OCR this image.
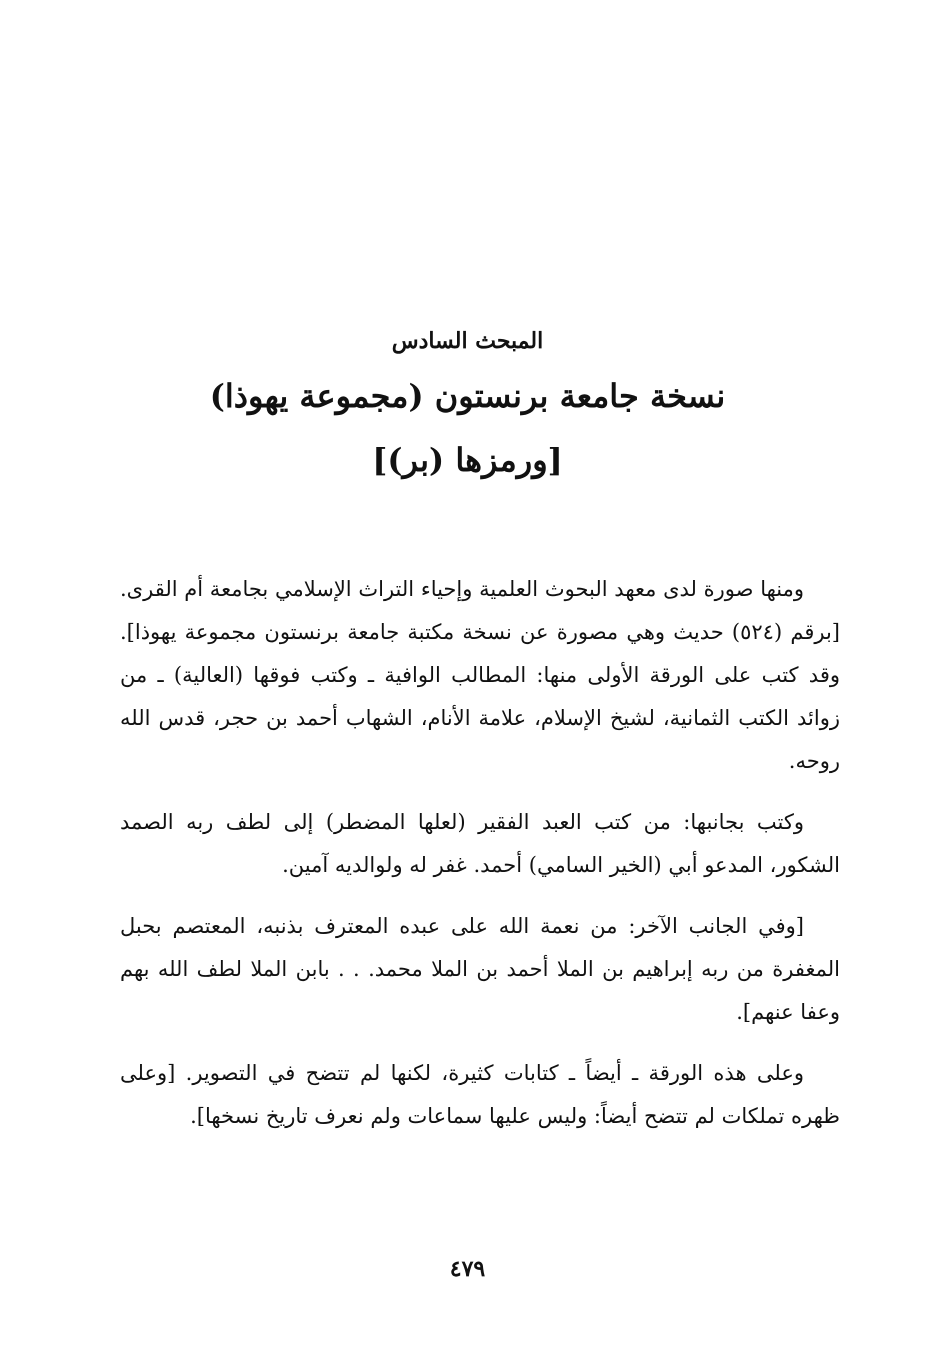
المبحث السادس

نسخة جامعة برنستون (مجموعة يهوذا)

[ورمزها (بر)]

ومنها صورة لدى معهد البحوث العلمية وإحياء التراث الإسلامي بجامعة أم القرى. [برقم (٥٢٤) حديث وهي مصورة عن نسخة مكتبة جامعة برنستون مجموعة يهوذا]. وقد كتب على الورقة الأولى منها: المطالب الوافية ـ وكتب فوقها (العالية) ـ من زوائد الكتب الثمانية، لشيخ الإسلام، علامة الأنام، الشهاب أحمد بن حجر، قدس الله روحه.

وكتب بجانبها: من كتب العبد الفقير (لعلها المضطر) إلى لطف ربه الصمد الشكور، المدعو أبي (الخير السامي) أحمد. غفر له ولوالديه آمين.

[وفي الجانب الآخر: من نعمة الله على عبده المعترف بذنبه، المعتصم بحبل المغفرة من ربه إبراهيم بن الملا أحمد بن الملا محمد. . . بابن الملا لطف الله بهم وعفا عنهم].

وعلى هذه الورقة ـ أيضاً ـ كتابات كثيرة، لكنها لم تتضح في التصوير. [وعلى ظهره تملكات لم تتضح أيضاً: وليس عليها سماعات ولم نعرف تاريخ نسخها].

٤٧٩
